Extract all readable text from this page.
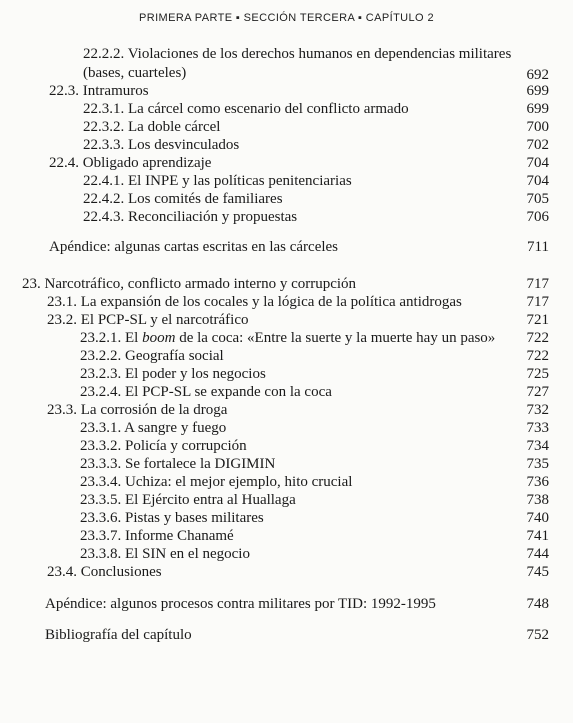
PRIMERA PARTE ▪ SECCIÓN TERCERA ▪ CAPÍTULO 2
22.2.2. Violaciones de los derechos humanos en dependencias militares (bases, cuarteles)	692
22.3. Intramuros	699
22.3.1. La cárcel como escenario del conflicto armado	699
22.3.2. La doble cárcel	700
22.3.3. Los desvinculados	702
22.4. Obligado aprendizaje	704
22.4.1. El INPE y las políticas penitenciarias	704
22.4.2. Los comités de familiares	705
22.4.3. Reconciliación y propuestas	706
Apéndice: algunas cartas escritas en las cárceles	711
23. Narcotráfico, conflicto armado interno y corrupción	717
23.1. La expansión de los cocales y la lógica de la política antidrogas	717
23.2. El PCP-SL y el narcotráfico	721
23.2.1. El boom de la coca: «Entre la suerte y la muerte hay un paso» 722
23.2.2. Geografía social	722
23.2.3. El poder y los negocios	725
23.2.4. El PCP-SL se expande con la coca	727
23.3. La corrosión de la droga	732
23.3.1. A sangre y fuego	733
23.3.2. Policía y corrupción	734
23.3.3. Se fortalece la DIGIMIN	735
23.3.4. Uchiza: el mejor ejemplo, hito crucial	736
23.3.5. El Ejército entra al Huallaga	738
23.3.6. Pistas y bases militares	740
23.3.7. Informe Chanamé	741
23.3.8. El SIN en el negocio	744
23.4. Conclusiones	745
Apéndice: algunos procesos contra militares por TID: 1992-1995	748
Bibliografía del capítulo	752
